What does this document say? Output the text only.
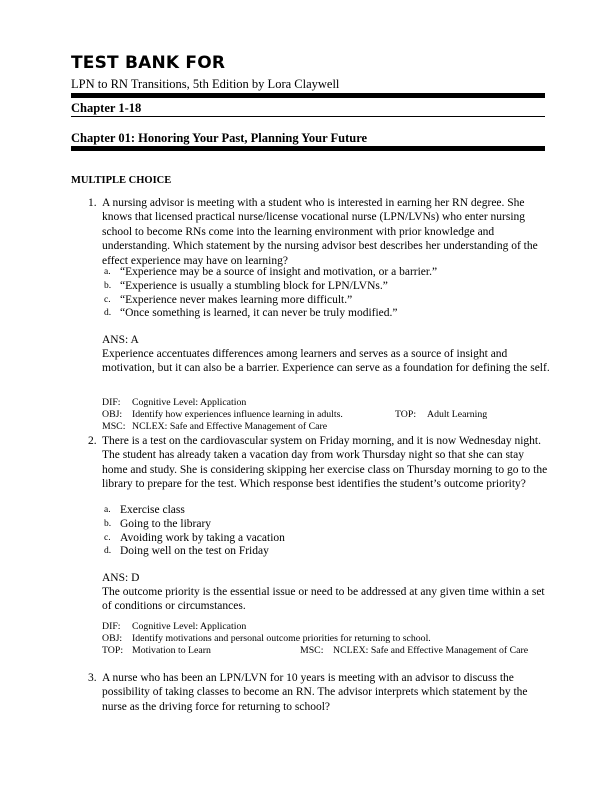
TEST BANK FOR
LPN to RN Transitions, 5th Edition by Lora Claywell
Chapter 1-18
Chapter 01: Honoring Your Past, Planning Your Future
MULTIPLE CHOICE
1. A nursing advisor is meeting with a student who is interested in earning her RN degree. She knows that licensed practical nurse/license vocational nurse (LPN/LVNs) who enter nursing school to become RNs come into the learning environment with prior knowledge and understanding. Which statement by the nursing advisor best describes her understanding of the effect experience may have on learning?
a. “Experience may be a source of insight and motivation, or a barrier.”
b. “Experience is usually a stumbling block for LPN/LVNs.”
c. “Experience never makes learning more difficult.”
d. “Once something is learned, it can never be truly modified.”
ANS: A
Experience accentuates differences among learners and serves as a source of insight and motivation, but it can also be a barrier. Experience can serve as a foundation for defining the self.
DIF: Cognitive Level: Application
OBJ: Identify how experiences influence learning in adults.	TOP: Adult Learning
MSC: NCLEX: Safe and Effective Management of Care
2. There is a test on the cardiovascular system on Friday morning, and it is now Wednesday night. The student has already taken a vacation day from work Thursday night so that she can stay home and study. She is considering skipping her exercise class on Thursday morning to go to the library to prepare for the test. Which response best identifies the student’s outcome priority?
a. Exercise class
b. Going to the library
c. Avoiding work by taking a vacation
d. Doing well on the test on Friday
ANS: D
The outcome priority is the essential issue or need to be addressed at any given time within a set of conditions or circumstances.
DIF: Cognitive Level: Application
OBJ: Identify motivations and personal outcome priorities for returning to school.
TOP: Motivation to Learn	MSC: NCLEX: Safe and Effective Management of Care
3. A nurse who has been an LPN/LVN for 10 years is meeting with an advisor to discuss the possibility of taking classes to become an RN. The advisor interprets which statement by the nurse as the driving force for returning to school?
